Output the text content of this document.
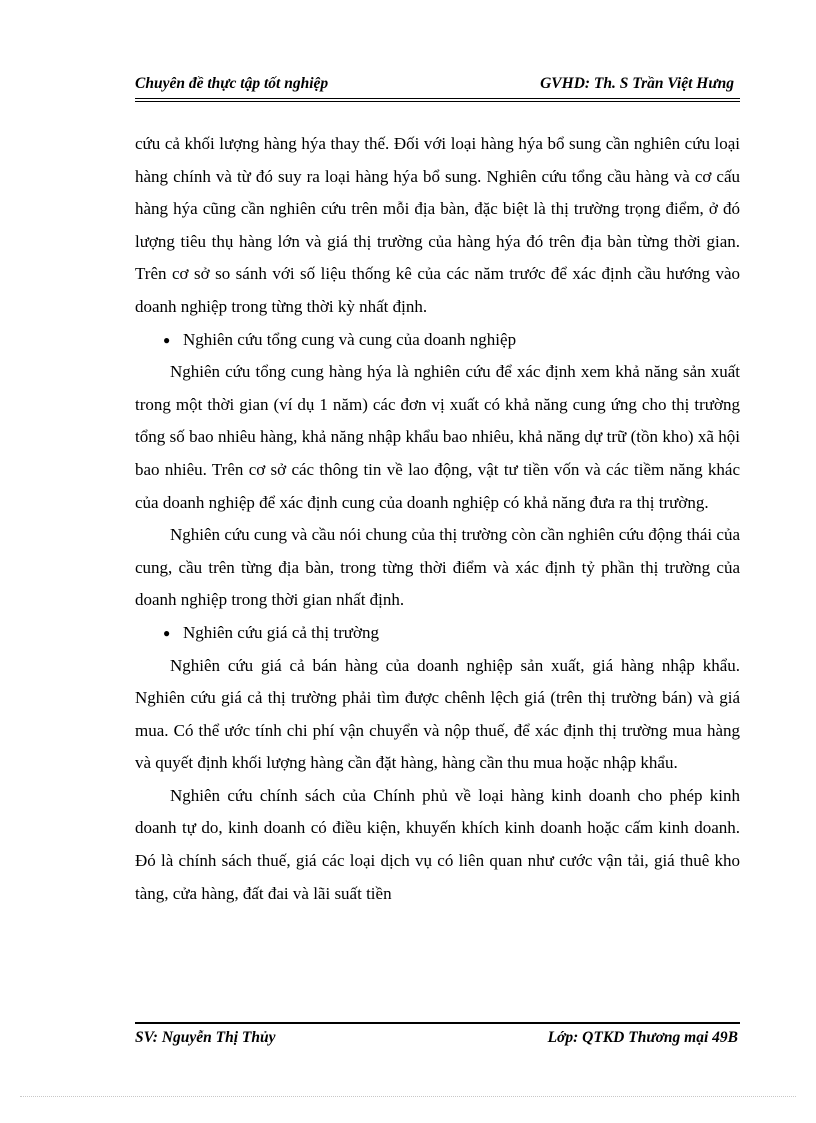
Chuyên đề thực tập tốt nghiệp	GVHD: Th. S Trần Việt Hưng

cứu cả khối lượng hàng hýa thay thế. Đối với loại hàng hýa bổ sung cần nghiên cứu loại hàng chính và từ đó suy ra loại hàng hýa bổ sung. Nghiên cứu tổng cầu hàng và cơ cấu hàng hýa cũng cần nghiên cứu trên mỗi địa bàn, đặc biệt là thị trường trọng điểm, ở đó lượng tiêu thụ hàng lớn và giá thị trường của hàng hýa đó trên địa bàn từng thời gian. Trên cơ sở so sánh với số liệu thống kê của các năm trước để xác định cầu hướng vào doanh nghiệp trong từng thời kỳ nhất định.

● Nghiên cứu tổng cung và cung của doanh nghiệp

Nghiên cứu tổng cung hàng hýa là nghiên cứu để xác định xem khả năng sản xuất trong một thời gian (ví dụ 1 năm) các đơn vị xuất có khả năng cung ứng cho thị trường tổng số bao nhiêu hàng, khả năng nhập khẩu bao nhiêu, khả năng dự trữ (tồn kho) xã hội bao nhiêu. Trên cơ sở các thông tin về lao động, vật tư tiền vốn và các tiềm năng khác của doanh nghiệp để xác định cung của doanh nghiệp có khả năng đưa ra thị trường.

Nghiên cứu cung và cầu nói chung của thị trường còn cần nghiên cứu động thái của cung, cầu trên từng địa bàn, trong từng thời điểm và xác định tỷ phần thị trường của doanh nghiệp trong thời gian nhất định.

● Nghiên cứu giá cả thị trường

Nghiên cứu giá cả bán hàng của doanh nghiệp sản xuất, giá hàng nhập khẩu. Nghiên cứu giá cả thị trường phải tìm được chênh lệch giá (trên thị trường bán) và giá mua. Có thể ước tính chi phí vận chuyển và nộp thuế, để xác định thị trường mua hàng và quyết định khối lượng hàng cần đặt hàng, hàng cần thu mua hoặc nhập khẩu.

Nghiên cứu chính sách của Chính phủ về loại hàng kinh doanh cho phép kinh doanh tự do, kinh doanh có điều kiện, khuyến khích kinh doanh hoặc cấm kinh doanh. Đó là chính sách thuế, giá các loại dịch vụ có liên quan như cước vận tải, giá thuê kho tàng, cửa hàng, đất đai và lãi suất tiền

SV: Nguyễn Thị Thủy	Lớp: QTKD Thương mại 49B
